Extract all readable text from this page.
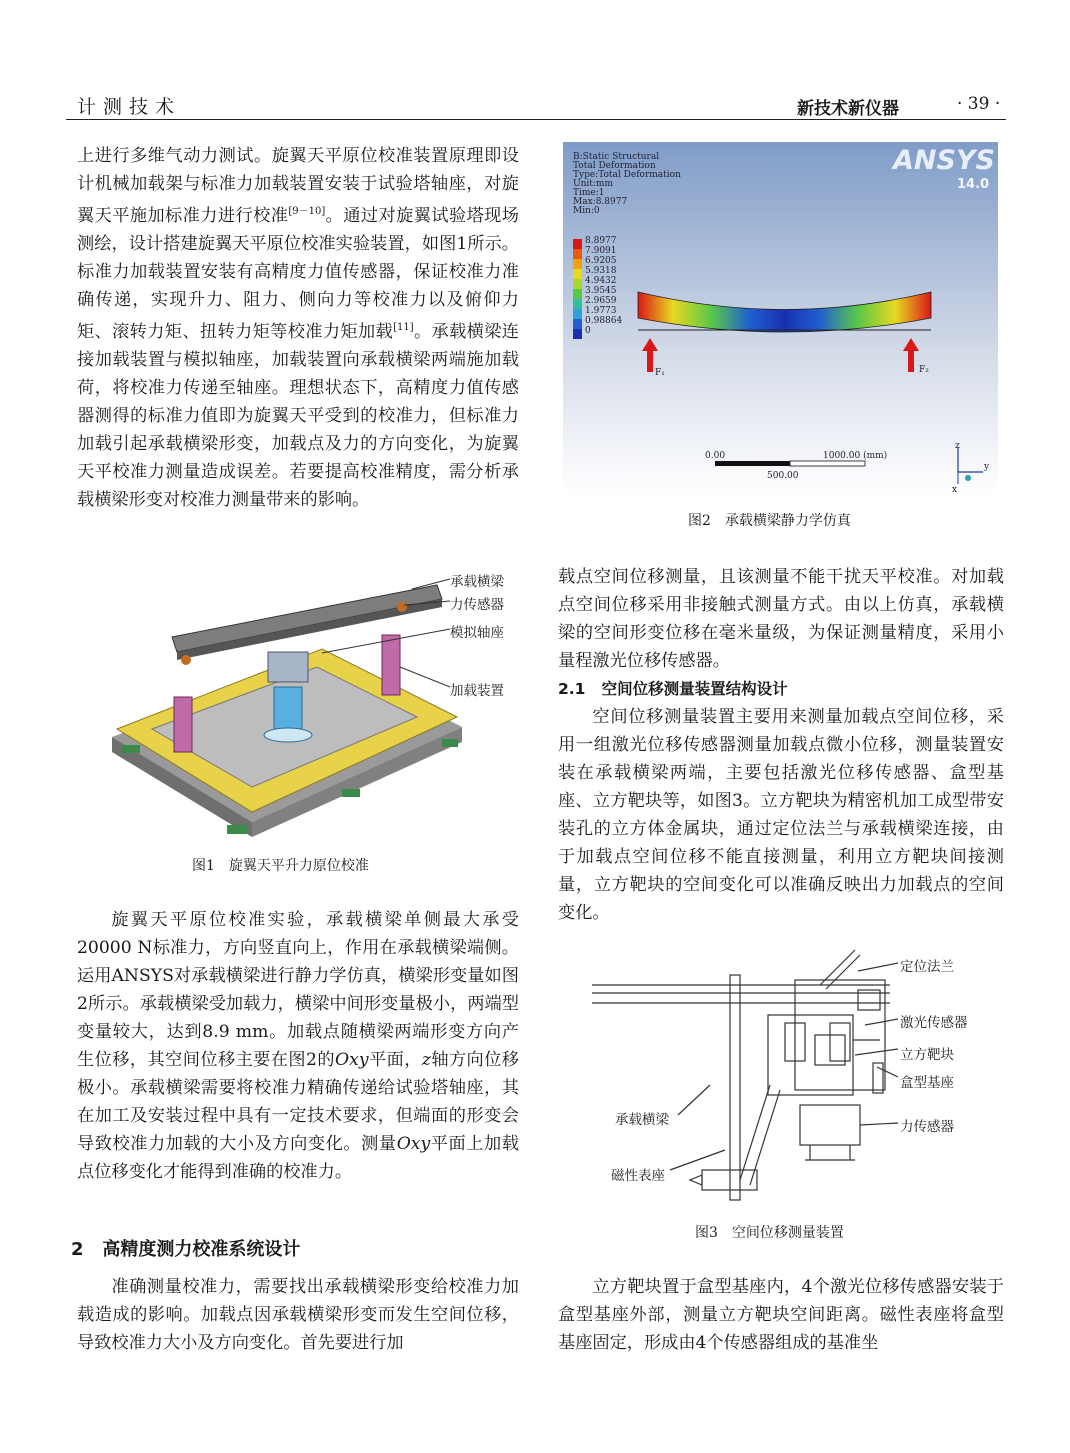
计测技术	新技术新仪器	· 39 ·

上进行多维气动力测试。旋翼天平原位校准装置原理即设计机械加载架与标准力加载装置安装于试验塔轴座，对旋翼天平施加标准力进行校准[9－10]。通过对旋翼试验塔现场测绘，设计搭建旋翼天平原位校准实验装置，如图1所示。标准力加载装置安装有高精度力值传感器，保证校准力准确传递，实现升力、阻力、侧向力等校准力以及俯仰力矩、滚转力矩、扭转力矩等校准力矩加载[11]。承载横梁连接加载装置与模拟轴座，加载装置向承载横梁两端施加载荷，将校准力传递至轴座。理想状态下，高精度力值传感器测得的标准力值即为旋翼天平受到的校准力，但标准力加载引起承载横梁形变，加载点及力的方向变化，为旋翼天平校准力测量造成误差。若要提高校准精度，需分析承载横梁形变对校准力测量带来的影响。

承载横梁
力传感器
模拟轴座
加载装置
图1　旋翼天平升力原位校准

旋翼天平原位校准实验，承载横梁单侧最大承受20000 N标准力，方向竖直向上，作用在承载横梁端侧。运用ANSYS对承载横梁进行静力学仿真，横梁形变量如图2所示。承载横梁受加载力，横梁中间形变量极小，两端型变量较大，达到8.9 mm。加载点随横梁两端形变方向产生位移，其空间位移主要在图2的Oxy平面，z轴方向位移极小。承载横梁需要将校准力精确传递给试验塔轴座，其在加工及安装过程中具有一定技术要求，但端面的形变会导致校准力加载的大小及方向变化。测量Oxy平面上加载点位移变化才能得到准确的校准力。

2 高精度测力校准系统设计

准确测量校准力，需要找出承载横梁形变给校准力加载造成的影响。加载点因承载横梁形变而发生空间位移，导致校准力大小及方向变化。首先要进行加

ANSYS
14.0
B:Static Structural
Total Deformation
Type:Total Deformation
Unit:mm
Time:1
Max:8.8977
Min:0
8.8977
7.9091
6.9205
5.9318
4.9432
3.9545
2.9659
1.9773
0.98864
0
F₁	F₂
0.00	1000.00 (mm)
500.00
z
y
x
图2　承载横梁静力学仿真

载点空间位移测量，且该测量不能干扰天平校准。对加载点空间位移采用非接触式测量方式。由以上仿真，承载横梁的空间形变位移在毫米量级，为保证测量精度，采用小量程激光位移传感器。

2.1 空间位移测量装置结构设计

空间位移测量装置主要用来测量加载点空间位移，采用一组激光位移传感器测量加载点微小位移，测量装置安装在承载横梁两端，主要包括激光位移传感器、盒型基座、立方靶块等，如图3。立方靶块为精密机加工成型带安装孔的立方体金属块，通过定位法兰与承载横梁连接，由于加载点空间位移不能直接测量，利用立方靶块间接测量，立方靶块的空间变化可以准确反映出力加载点的空间变化。

定位法兰
激光传感器
立方靶块
盒型基座
力传感器
承载横梁
磁性表座
图3　空间位移测量装置

立方靶块置于盒型基座内，4个激光位移传感器安装于盒型基座外部，测量立方靶块空间距离。磁性表座将盒型基座固定，形成由4个传感器组成的基准坐
